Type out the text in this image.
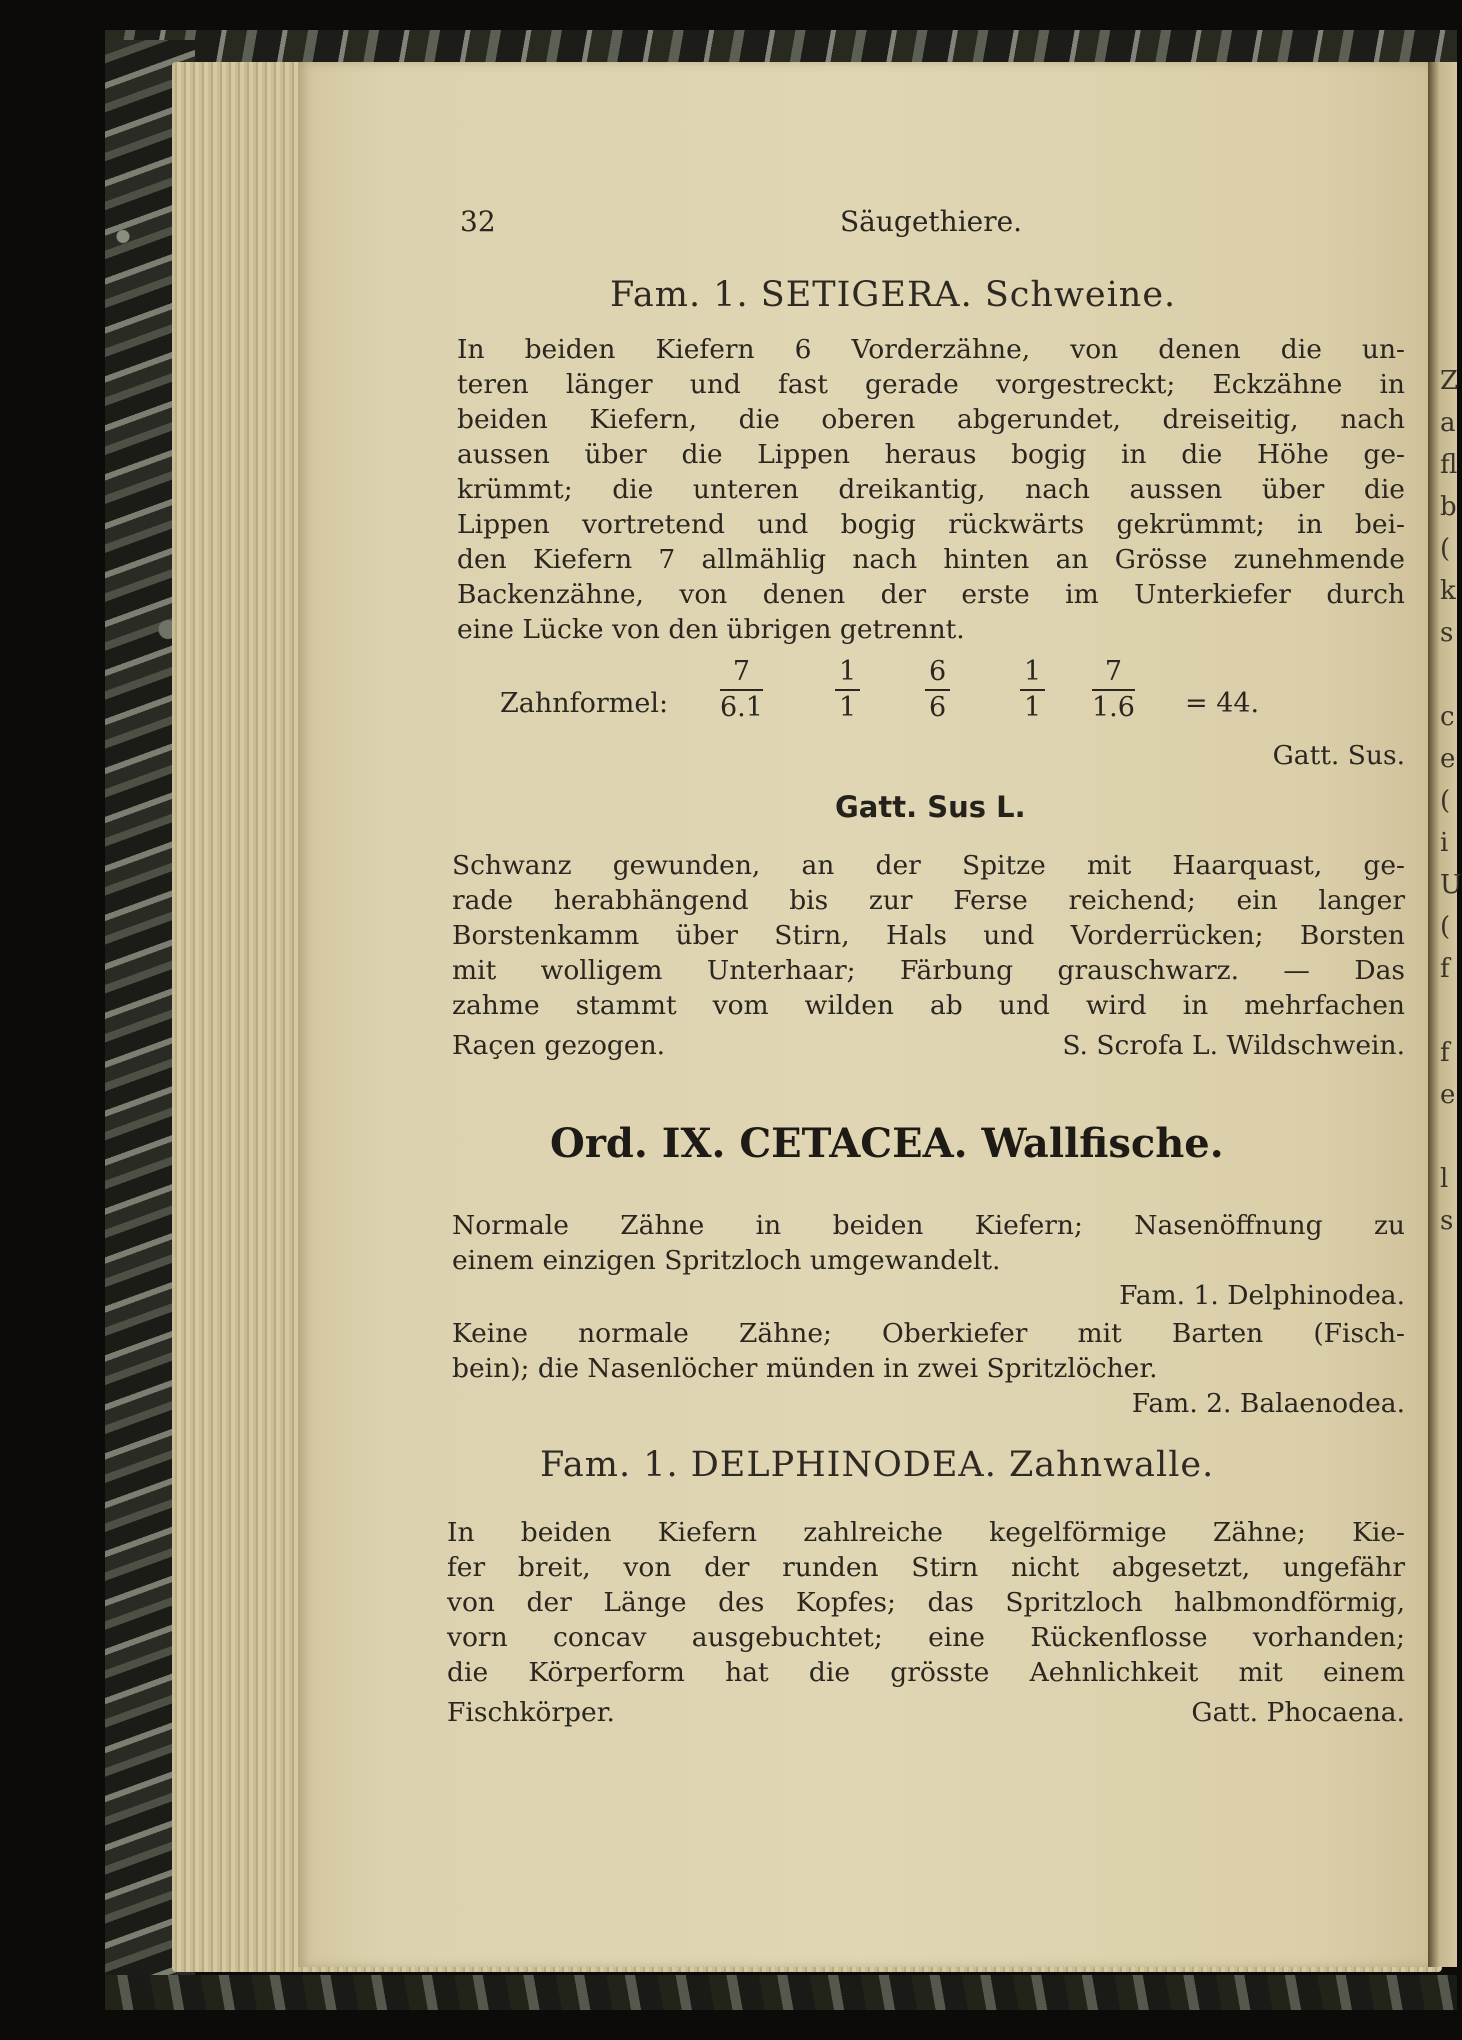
Z
a
fl
b
(
k
s

c
e
(
i
U
(
f

f
e

l
s
32	Säugethiere.
Fam. 1. SETIGERA. Schweine.
In beiden Kiefern 6 Vorderzähne, von denen die un-
teren länger und fast gerade vorgestreckt; Eckzähne in
beiden Kiefern, die oberen abgerundet, dreiseitig, nach
aussen über die Lippen heraus bogig in die Höhe ge-
krümmt; die unteren dreikantig, nach aussen über die
Lippen vortretend und bogig rückwärts gekrümmt; in bei-
den Kiefern 7 allmählig nach hinten an Grösse zunehmende
Backenzähne, von denen der erste im Unterkiefer durch
eine Lücke von den übrigen getrennt.
Zahnformel: $\frac{7}{6.1}$	$\frac{1}{1} \frac{6}{6}$	$\frac{1}{1} \frac{7}{1.6} = 44$.
Gatt. Sus.
Gatt. Sus L.
Schwanz gewunden, an der Spitze mit Haarquast, ge-
rade herabhängend bis zur Ferse reichend; ein langer
Borstenkamm über Stirn, Hals und Vorderrücken; Borsten
mit wolligem Unterhaar; Färbung grauschwarz. — Das
zahme stammt vom wilden ab und wird in mehrfachen
Raçen gezogen.	S. Scrofa L. Wildschwein.
Ord. IX. CETACEA. Wallfische.
Normale Zähne in beiden Kiefern; Nasenöffnung zu
einem einzigen Spritzloch umgewandelt.
Fam. 1. Delphinodea.
Keine normale Zähne; Oberkiefer mit Barten (Fisch-
bein); die Nasenlöcher münden in zwei Spritzlöcher.
Fam. 2. Balaenodea.
Fam. 1. DELPHINODEA. Zahnwalle.
In beiden Kiefern zahlreiche kegelförmige Zähne; Kie-
fer breit, von der runden Stirn nicht abgesetzt, ungefähr
von der Länge des Kopfes; das Spritzloch halbmondförmig,
vorn concav ausgebuchtet; eine Rückenflosse vorhanden;
die Körperform hat die grösste Aehnlichkeit mit einem
Fischkörper.	Gatt. Phocaena.
